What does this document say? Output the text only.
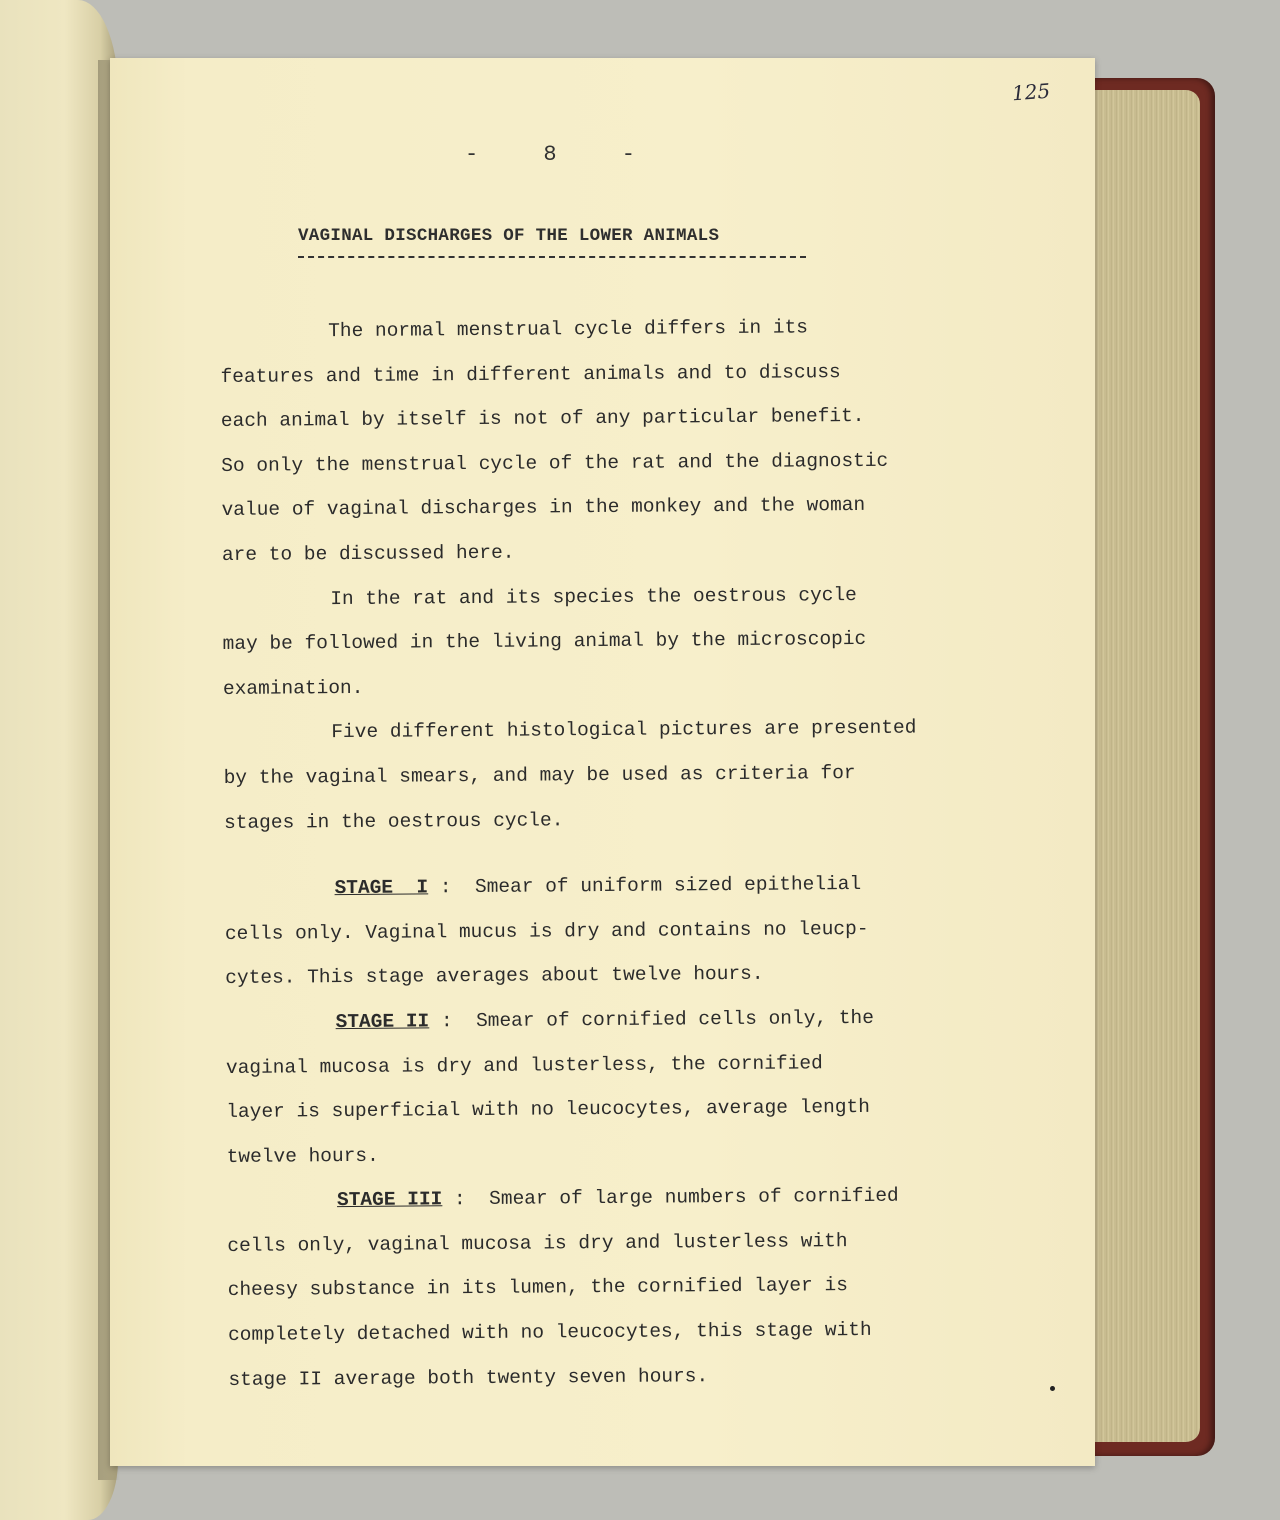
125
-	8	-
VAGINAL DISCHARGES OF THE LOWER ANIMALS

The normal menstrual cycle differs in its

features and time in different animals and to discuss

each animal by itself is not of any particular benefit.

So only the menstrual cycle of the rat and the diagnostic

value of vaginal discharges in the monkey and the woman

are to be discussed here.

In the rat and its species the oestrous cycle

may be followed in the living animal by the microscopic

examination.

Five different histological pictures are presented

by the vaginal smears, and may be used as criteria for

stages in the oestrous cycle.

STAGE  I :  Smear of uniform sized epithelial

cells only. Vaginal mucus is dry and contains no leucp-

cytes. This stage averages about twelve hours.

STAGE II :  Smear of cornified cells only, the

vaginal mucosa is dry and lusterless, the cornified

layer is superficial with no leucocytes, average length

twelve hours.

STAGE III :  Smear of large numbers of cornified

cells only, vaginal mucosa is dry and lusterless with

cheesy substance in its lumen, the cornified layer is

completely detached with no leucocytes, this stage with

stage II average both twenty seven hours.
